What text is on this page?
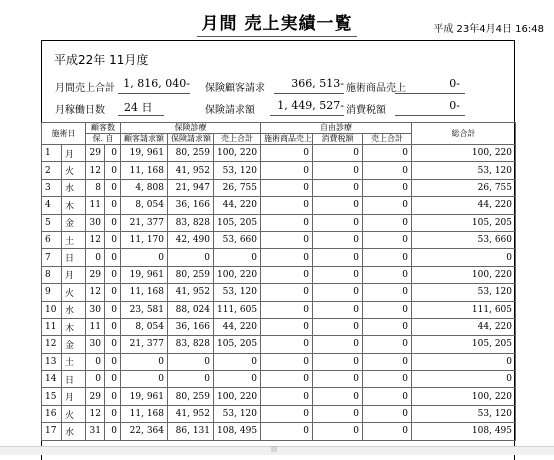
月間 売上実績一覧	平成 23年4月4日 16:48
平成22年 11月度
月間売上合計 1, 816, 040- 保険顧客請求	366, 513- 施術商品売上	0-
月稼働日数	24 日	保険請求額	1, 449, 527- 消費税額	0-
施術日		顧客数		保険診療			自由診療			総合計
		保. 自		顧客請求額	保険請求額	売上合計	施術商品売上	消費税額	売上合計	
1	月	29	0	19, 961	80, 259	100, 220	0	0	0	100, 220
2	火	12	0	11, 168	41, 952	53, 120	0	0	0	53, 120
3	水	8	0	4, 808	21, 947	26, 755	0	0	0	26, 755
4	木	11	0	8, 054	36, 166	44, 220	0	0	0	44, 220
5	金	30	0	21, 377	83, 828	105, 205	0	0	0	105, 205
6	土	12	0	11, 170	42, 490	53, 660	0	0	0	53, 660
7	日	0	0	0	0	0	0	0	0	0
8	月	29	0	19, 961	80, 259	100, 220	0	0	0	100, 220
9	火	12	0	11, 168	41, 952	53, 120	0	0	0	53, 120
10	水	30	0	23, 581	88, 024	111, 605	0	0	0	111, 605
11	木	11	0	8, 054	36, 166	44, 220	0	0	0	44, 220
12	金	30	0	21, 377	83, 828	105, 205	0	0	0	105, 205
13	土	0	0	0	0	0	0	0	0	0
14	日	0	0	0	0	0	0	0	0	0
15	月	29	0	19, 961	80, 259	100, 220	0	0	0	100, 220
16	火	12	0	11, 168	41, 952	53, 120	0	0	0	53, 120
17	水	31	0	22, 364	86, 131	108, 495	0	0	0	108, 495
|||
